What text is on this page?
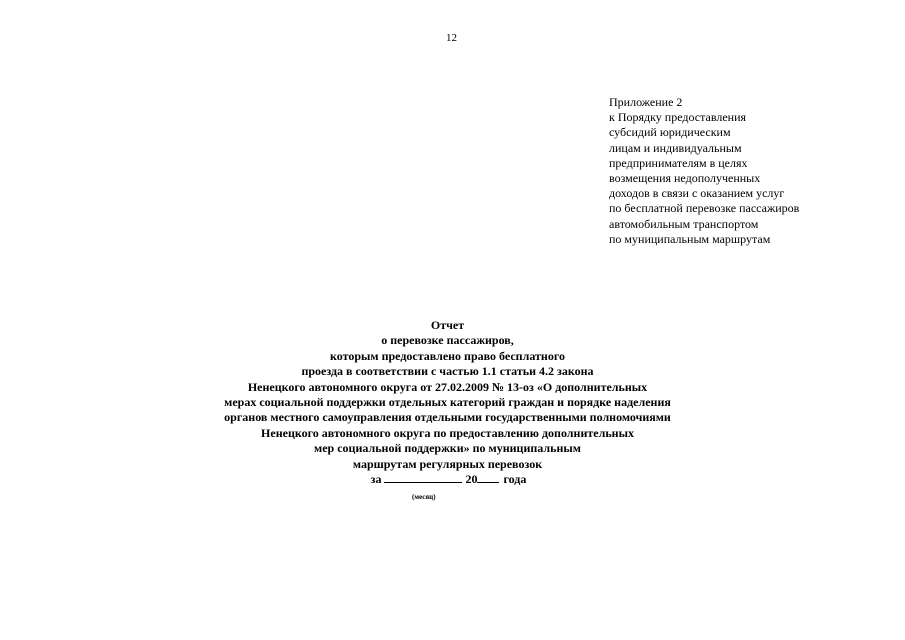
12
Приложение 2
к Порядку предоставления
субсидий юридическим
лицам и индивидуальным
предпринимателям в целях
возмещения недополученных
доходов в связи с оказанием услуг
по бесплатной перевозке пассажиров
автомобильным транспортом
по муниципальным маршрутам
Отчет
о перевозке пассажиров,
которым предоставлено право бесплатного
проезда в соответствии с частью 1.1 статьи 4.2 закона
Ненецкого автономного округа от 27.02.2009 № 13-оз «О дополнительных
мерах социальной поддержки отдельных категорий граждан и порядке наделения
органов местного самоуправления отдельными государственными полномочиями
Ненецкого автономного округа по предоставлению дополнительных
мер социальной поддержки» по муниципальным
маршрутам регулярных перевозок
за	20 года
(месяц)
